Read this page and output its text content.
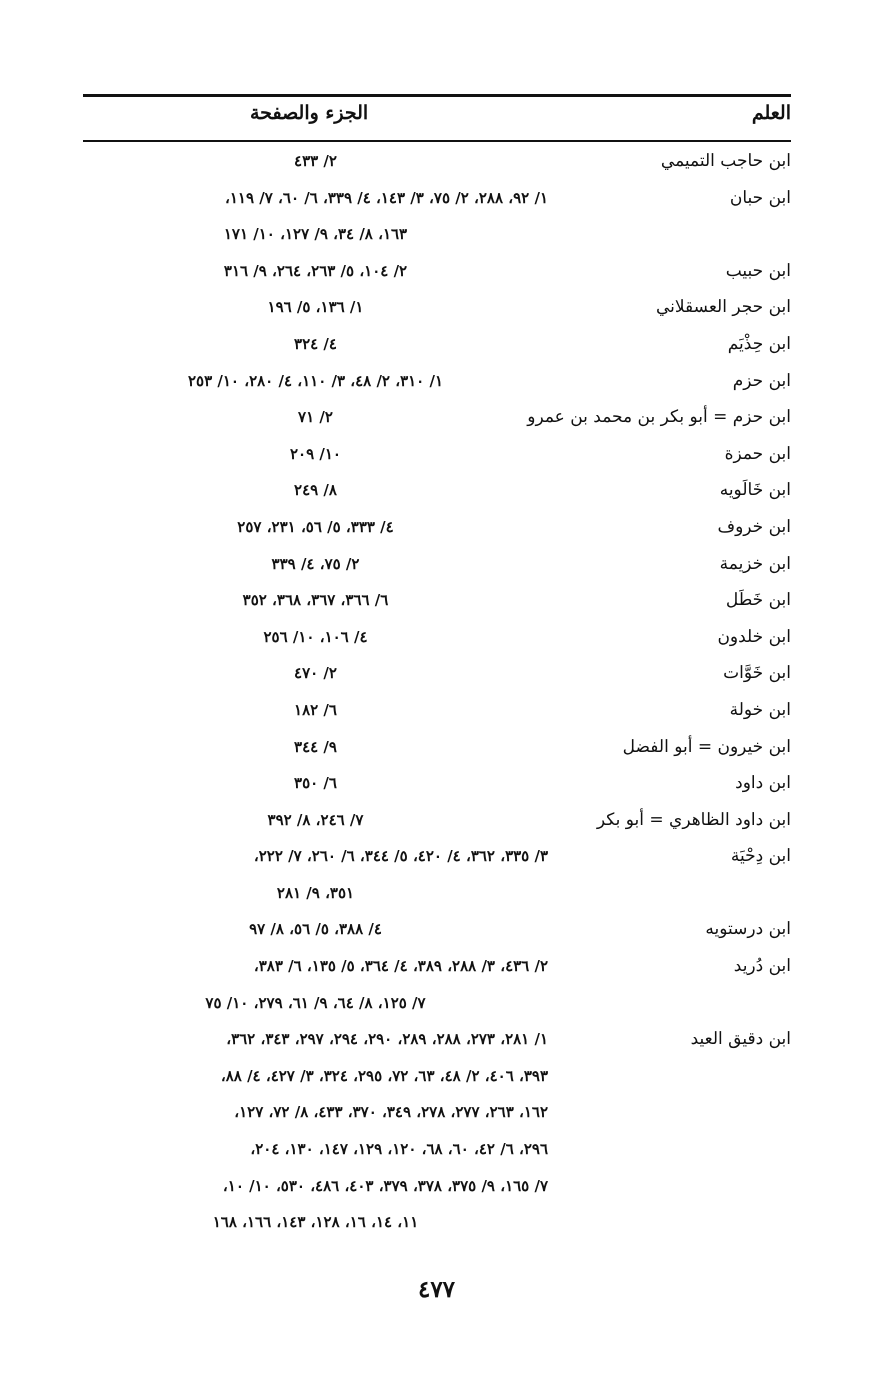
العلم
الجزء والصفحة
ابن حاجب التميمي
٢/ ٤٣٣
ابن حبان
١/ ٩٢، ٢٨٨، ٢/ ٧٥، ٣/ ١٤٣، ٤/ ٣٣٩، ٦/ ٦٠، ٧/ ١١٩،
١٦٣، ٨/ ٣٤، ٩/ ١٢٧، ١٠/ ١٧١
ابن حبيب
٢/ ١٠٤، ٥/ ٢٦٣، ٢٦٤، ٩/ ٣١٦
ابن حجر العسقلاني
١/ ١٣٦، ٥/ ١٩٦
ابن حِذْيَم
٤/ ٣٢٤
ابن حزم
١/ ٣١٠، ٢/ ٤٨، ٣/ ١١٠، ٤/ ٢٨٠، ١٠/ ٢٥٣
ابن حزم = أبو بكر بن محمد بن عمرو
٢/ ٧١
ابن حمزة
١٠/ ٢٠٩
ابن خَالَويه
٨/ ٢٤٩
ابن خروف
٤/ ٣٣٣، ٥/ ٥٦، ٢٣١، ٢٥٧
ابن خزيمة
٢/ ٧٥، ٤/ ٣٣٩
ابن خَطَل
٦/ ٣٦٦، ٣٦٧، ٣٦٨، ٣٥٢
ابن خلدون
٤/ ١٠٦، ١٠/ ٢٥٦
ابن خَوَّات
٢/ ٤٧٠
ابن خولة
٦/ ١٨٢
ابن خيرون = أبو الفضل
٩/ ٣٤٤
ابن داود
٦/ ٣٥٠
ابن داود الظاهري = أبو بكر
٧/ ٢٤٦، ٨/ ٣٩٢
ابن دِحْيَة
٣/ ٣٣٥، ٣٦٢، ٤/ ٤٢٠، ٥/ ٣٤٤، ٦/ ٢٦٠، ٧/ ٢٢٢،
٣٥١، ٩/ ٢٨١
ابن درستويه
٤/ ٣٨٨، ٥/ ٥٦، ٨/ ٩٧
ابن دُريد
٢/ ٤٣٦، ٣/ ٢٨٨، ٣٨٩، ٤/ ٣٦٤، ٥/ ١٣٥، ٦/ ٣٨٣،
٧/ ١٢٥، ٨/ ٦٤، ٩/ ٦١، ٢٧٩، ١٠/ ٧٥
ابن دقيق العيد
١/ ٢٨١، ٢٧٣، ٢٨٨، ٢٨٩، ٢٩٠، ٢٩٤، ٢٩٧، ٣٤٣، ٣٦٢،
٣٩٣، ٤٠٦، ٢/ ٤٨، ٦٣، ٧٢، ٢٩٥، ٣٢٤، ٣/ ٤٢٧، ٤/ ٨٨،
١٦٢، ٢٦٣، ٢٧٧، ٢٧٨، ٣٤٩، ٣٧٠، ٤٣٣، ٨/ ٧٢، ١٢٧،
٢٩٦، ٦/ ٤٢، ٦٠، ٦٨، ١٢٠، ١٢٩، ١٤٧، ١٣٠، ٢٠٤،
٧/ ١٦٥، ٩/ ٣٧٥، ٣٧٨، ٣٧٩، ٤٠٣، ٤٨٦، ٥٣٠، ١٠/ ١٠،
١١، ١٤، ١٦، ١٢٨، ١٤٣، ١٦٦، ١٦٨
٤٧٧
